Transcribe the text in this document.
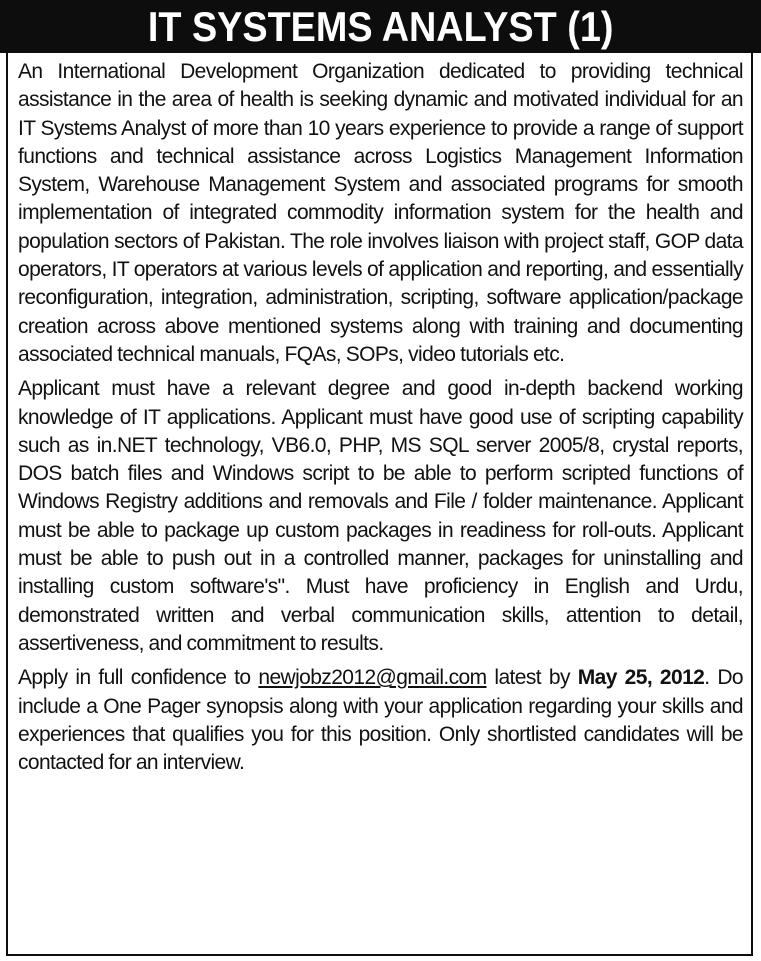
IT SYSTEMS ANALYST (1)

An International Development Organization dedicated to providing technical assistance in the area of health is seeking dynamic and motivated individual for an IT Systems Analyst of more than 10 years experience to provide a range of support functions and technical assistance across Logistics Management Information System, Warehouse Management System and associated programs for smooth implementation of integrated commodity information system for the health and population sectors of Pakistan. The role involves liaison with project staff, GOP data operators, IT operators at various levels of application and reporting, and essentially reconfiguration, integration, administration, scripting, software application/package creation across above mentioned systems along with training and documenting associated technical manuals, FQAs, SOPs, video tutorials etc.

Applicant must have a relevant degree and good in-depth backend working knowledge of IT applications. Applicant must have good use of scripting capability such as in.NET technology, VB6.0, PHP, MS SQL server 2005/8, crystal reports, DOS batch files and Windows script to be able to perform scripted functions of Windows Registry additions and removals and File / folder maintenance. Applicant must be able to package up custom packages in readiness for roll-outs. Applicant must be able to push out in a controlled manner, packages for uninstalling and installing custom software's". Must have proficiency in English and Urdu, demonstrated written and verbal communication skills, attention to detail, assertiveness, and commitment to results.

Apply in full confidence to newjobz2012@gmail.com latest by May 25, 2012. Do include a One Pager synopsis along with your application regarding your skills and experiences that qualifies you for this position. Only shortlisted candidates will be contacted for an interview.
